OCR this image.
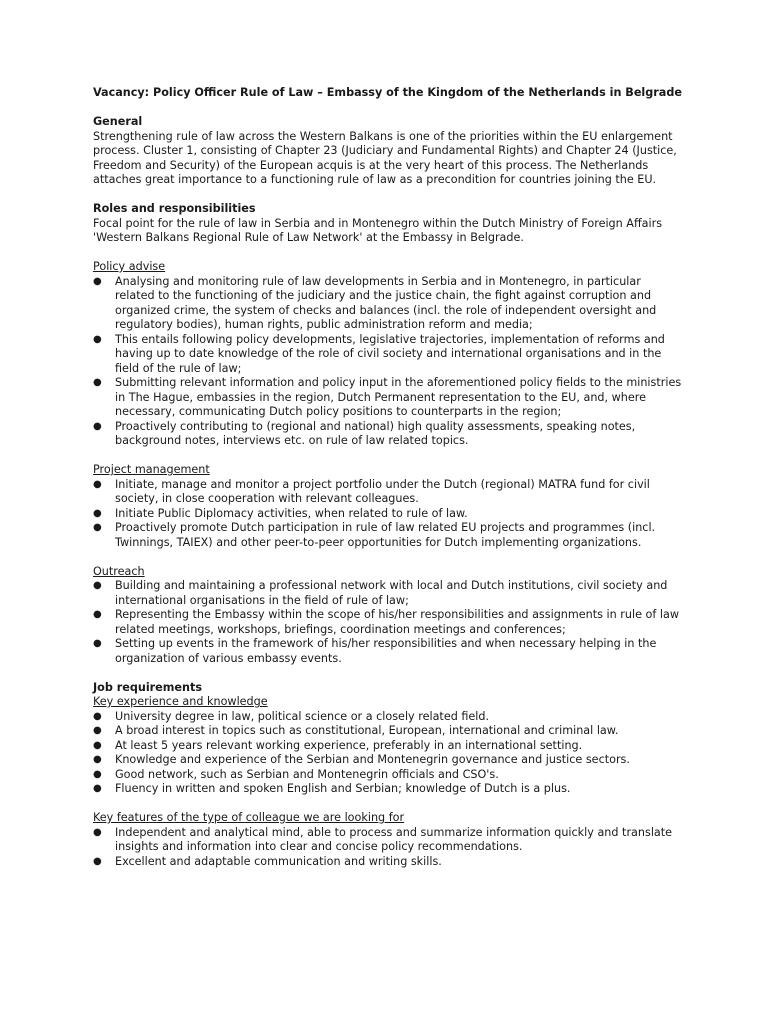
Vacancy: Policy Officer Rule of Law – Embassy of the Kingdom of the Netherlands in Belgrade

General

Strengthening rule of law across the Western Balkans is one of the priorities within the EU enlargement process. Cluster 1, consisting of Chapter 23 (Judiciary and Fundamental Rights) and Chapter 24 (Justice, Freedom and Security) of the European acquis is at the very heart of this process. The Netherlands attaches great importance to a functioning rule of law as a precondition for countries joining the EU.

Roles and responsibilities

Focal point for the rule of law in Serbia and in Montenegro within the Dutch Ministry of Foreign Affairs 'Western Balkans Regional Rule of Law Network' at the Embassy in Belgrade.

Policy advise

● Analysing and monitoring rule of law developments in Serbia and in Montenegro, in particular related to the functioning of the judiciary and the justice chain, the fight against corruption and organized crime, the system of checks and balances (incl. the role of independent oversight and regulatory bodies), human rights, public administration reform and media;
● This entails following policy developments, legislative trajectories, implementation of reforms and having up to date knowledge of the role of civil society and international organisations and in the field of the rule of law;
● Submitting relevant information and policy input in the aforementioned policy fields to the ministries in The Hague, embassies in the region, Dutch Permanent representation to the EU, and, where necessary, communicating Dutch policy positions to counterparts in the region;
● Proactively contributing to (regional and national) high quality assessments, speaking notes, background notes, interviews etc. on rule of law related topics.

Project management

● Initiate, manage and monitor a project portfolio under the Dutch (regional) MATRA fund for civil society, in close cooperation with relevant colleagues.
● Initiate Public Diplomacy activities, when related to rule of law.
● Proactively promote Dutch participation in rule of law related EU projects and programmes (incl. Twinnings, TAIEX) and other peer-to-peer opportunities for Dutch implementing organizations.

Outreach

● Building and maintaining a professional network with local and Dutch institutions, civil society and international organisations in the field of rule of law;
● Representing the Embassy within the scope of his/her responsibilities and assignments in rule of law related meetings, workshops, briefings, coordination meetings and conferences;
● Setting up events in the framework of his/her responsibilities and when necessary helping in the organization of various embassy events.

Job requirements

Key experience and knowledge

● University degree in law, political science or a closely related field.
● A broad interest in topics such as constitutional, European, international and criminal law.
● At least 5 years relevant working experience, preferably in an international setting.
● Knowledge and experience of the Serbian and Montenegrin governance and justice sectors.
● Good network, such as Serbian and Montenegrin officials and CSO's.
● Fluency in written and spoken English and Serbian; knowledge of Dutch is a plus.

Key features of the type of colleague we are looking for

● Independent and analytical mind, able to process and summarize information quickly and translate insights and information into clear and concise policy recommendations.
● Excellent and adaptable communication and writing skills.
